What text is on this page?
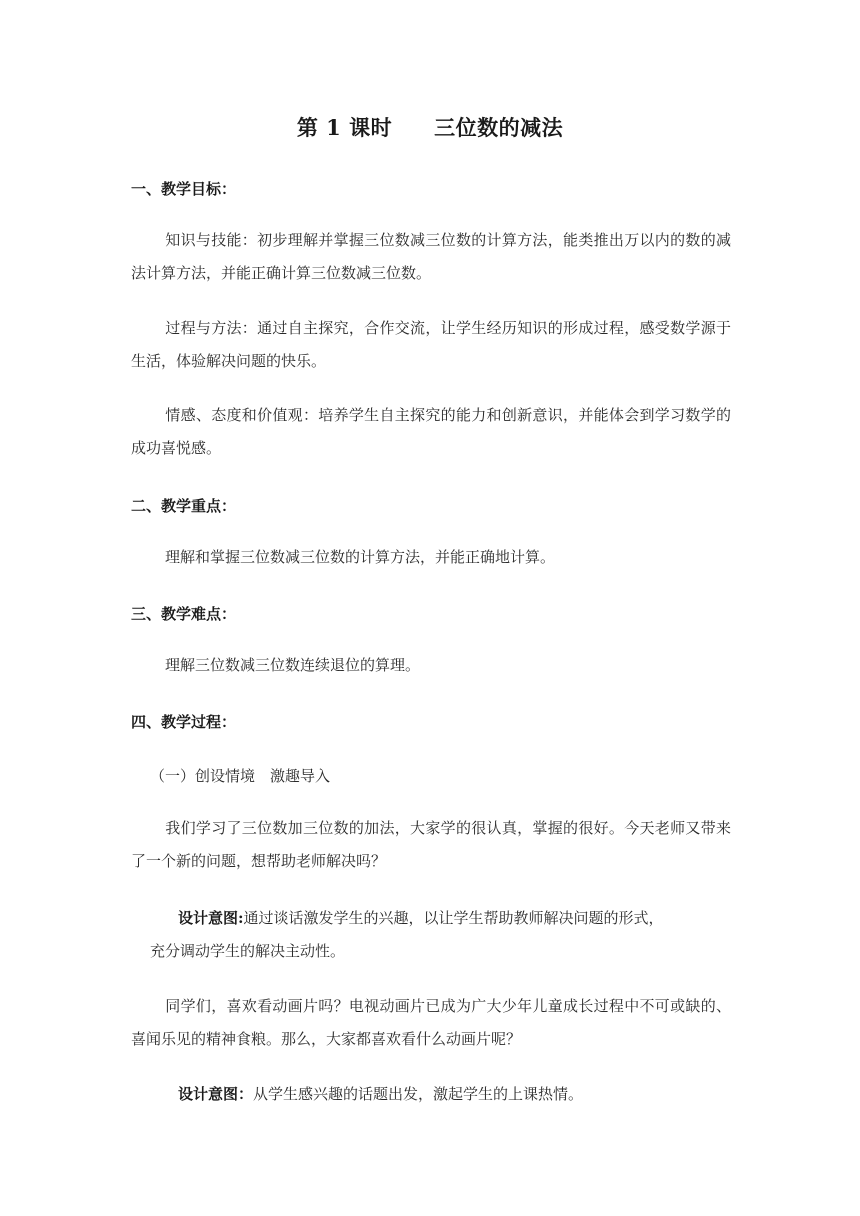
第 1 课时 三位数的减法
一、教学目标：
知识与技能：初步理解并掌握三位数减三位数的计算方法，能类推出万以内的数的减法计算方法，并能正确计算三位数减三位数。
过程与方法：通过自主探究，合作交流，让学生经历知识的形成过程，感受数学源于生活，体验解决问题的快乐。
情感、态度和价值观：培养学生自主探究的能力和创新意识，并能体会到学习数学的成功喜悦感。
二、教学重点：
理解和掌握三位数减三位数的计算方法，并能正确地计算。
三、教学难点：
理解三位数减三位数连续退位的算理。
四、教学过程：
（一）创设情境　激趣导入
我们学习了三位数加三位数的加法，大家学的很认真，掌握的很好。今天老师又带来了一个新的问题，想帮助老师解决吗？
设计意图:通过谈话激发学生的兴趣，以让学生帮助教师解决问题的形式，
充分调动学生的解决主动性。
同学们，喜欢看动画片吗？电视动画片已成为广大少年儿童成长过程中不可或缺的、喜闻乐见的精神食粮。那么，大家都喜欢看什么动画片呢？
设计意图：从学生感兴趣的话题出发，激起学生的上课热情。
